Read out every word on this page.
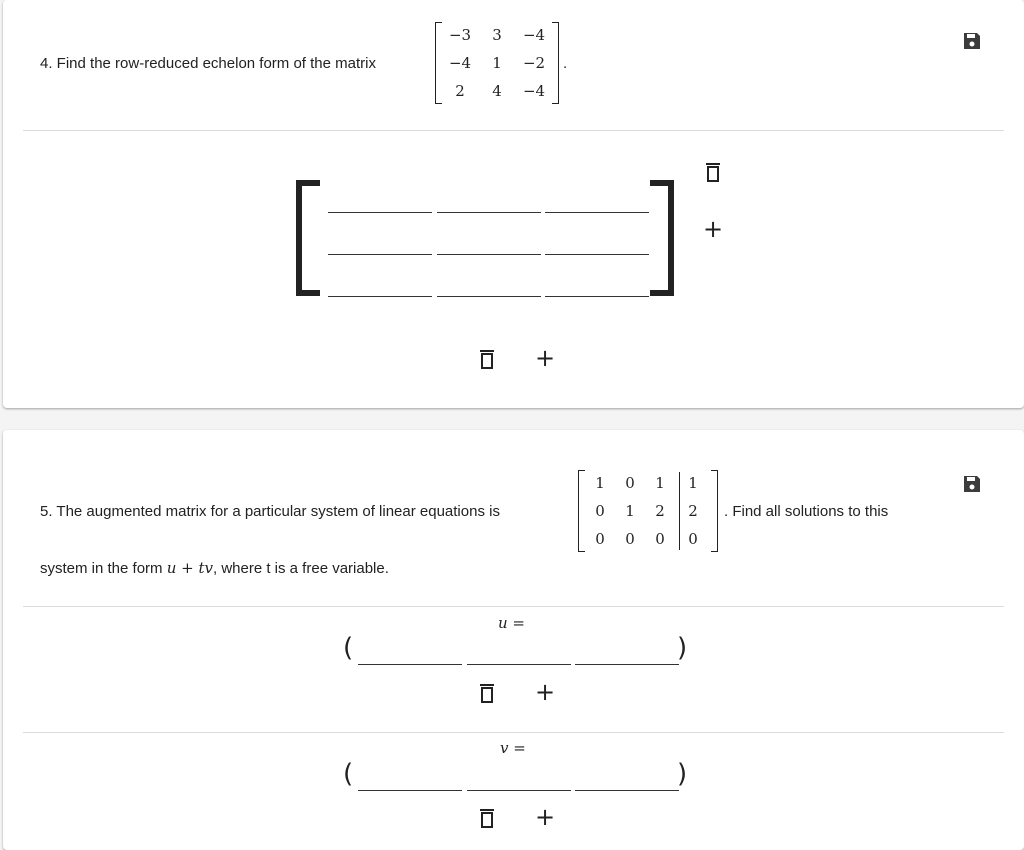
4. Find the row-reduced echelon form of the matrix
−3	3	−4
−4	1	−2
2	4	−4
.
+
+
5. The augmented matrix for a particular system of linear equations is
1	0	1	1
0	1	2	2
0	0	0	0
. Find all solutions to this
system in the form u + tv, where t is a free variable.
u =
(	)
+
v =
(	)
+
